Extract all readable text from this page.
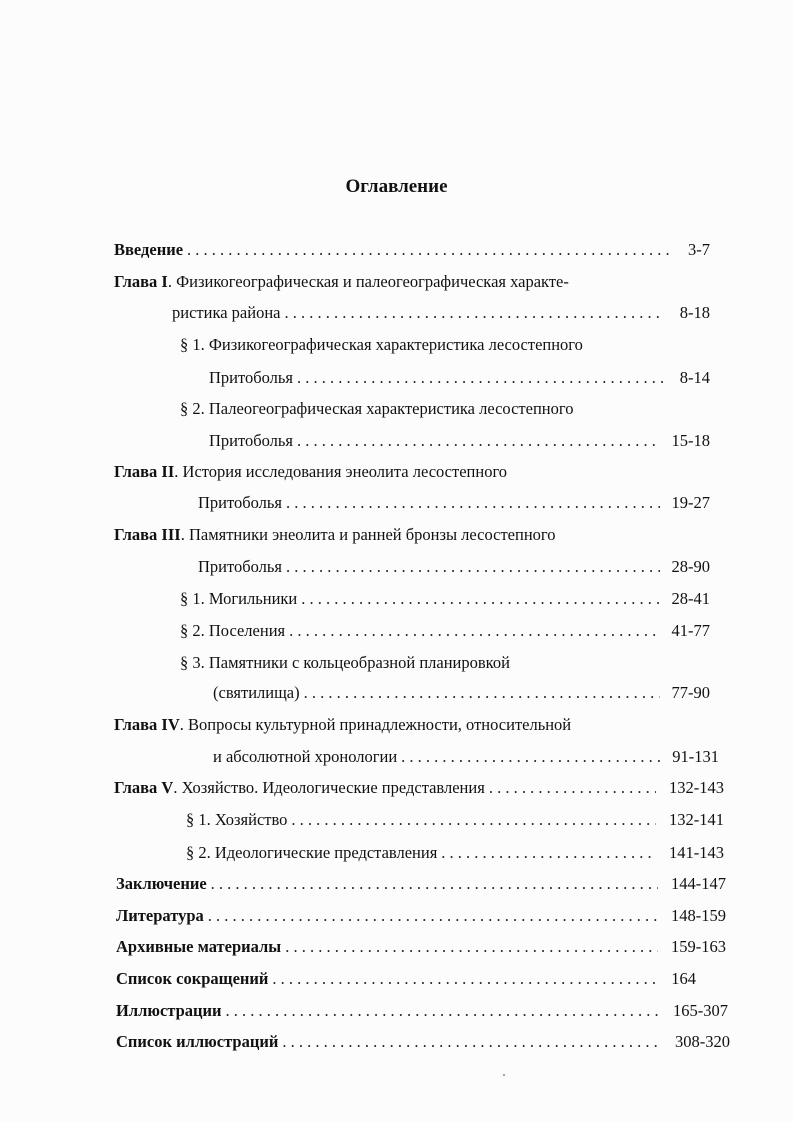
Оглавление
Введение . . .	3-7
Глава I. Физикогеографическая и палеогеографическая характе-
ристика района . . .	8-18
§ 1. Физикогеографическая характеристика лесостепного
Притоболья . . .	8-14
§ 2. Палеогеографическая характеристика лесостепного
Притоболья . . .	15-18
Глава II. История исследования энеолита лесостепного
Притоболья . . .	19-27
Глава III. Памятники энеолита и ранней бронзы лесостепного
Притоболья . . .	28-90
§ 1. Могильники . . .	28-41
§ 2. Поселения . . .	41-77
§ 3. Памятники с кольцеобразной планировкой
(святилища) . . .	77-90
Глава IV. Вопросы культурной принадлежности, относительной
и абсолютной хронологии . . .	91-131
Глава V. Хозяйство. Идеологические представления . . .	132-143
§ 1. Хозяйство . . .	132-141
§ 2. Идеологические представления . . .	141-143
Заключение . . .	144-147
Литература . . .	148-159
Архивные материалы . . .	159-163
Список сокращений . . .	164
Иллюстрации . . .	165-307
Список иллюстраций . . .	308-320
